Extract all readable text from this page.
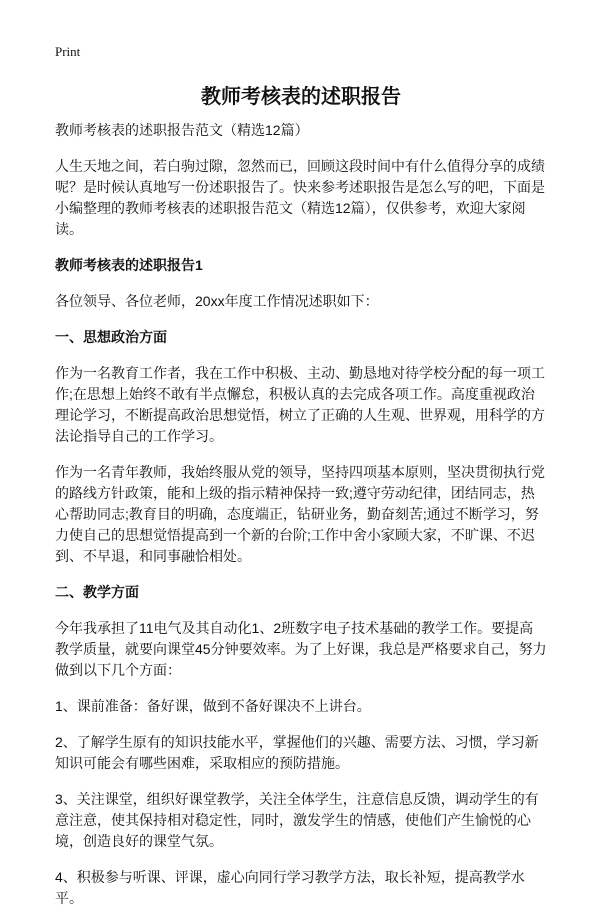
Print
教师考核表的述职报告

教师考核表的述职报告范文（精选12篇）

人生天地之间，若白驹过隙，忽然而已，回顾这段时间中有什么值得分享的成绩呢？是时候认真地写一份述职报告了。快来参考述职报告是怎么写的吧，下面是小编整理的教师考核表的述职报告范文（精选12篇），仅供参考，欢迎大家阅读。

教师考核表的述职报告1

各位领导、各位老师，20xx年度工作情况述职如下：

一、思想政治方面

作为一名教育工作者，我在工作中积极、主动、勤恳地对待学校分配的每一项工作;在思想上始终不敢有半点懈怠，积极认真的去完成各项工作。高度重视政治理论学习，不断提高政治思想觉悟，树立了正确的人生观、世界观，用科学的方法论指导自己的工作学习。

作为一名青年教师，我始终服从党的领导，坚持四项基本原则，坚决贯彻执行党的路线方针政策，能和上级的指示精神保持一致;遵守劳动纪律，团结同志，热心帮助同志;教育目的明确，态度端正，钻研业务，勤奋刻苦;通过不断学习，努力使自己的思想觉悟提高到一个新的台阶;工作中舍小家顾大家，不旷课、不迟到、不早退，和同事融恰相处。

二、教学方面

今年我承担了11电气及其自动化1、2班数字电子技术基础的教学工作。要提高教学质量，就要向课堂45分钟要效率。为了上好课，我总是严格要求自己，努力做到以下几个方面：

1、课前准备：备好课，做到不备好课决不上讲台。

2、了解学生原有的知识技能水平，掌握他们的兴趣、需要方法、习惯，学习新知识可能会有哪些困难，采取相应的预防措施。

3、关注课堂，组织好课堂教学，关注全体学生，注意信息反馈，调动学生的有意注意，使其保持相对稳定性，同时，激发学生的情感，使他们产生愉悦的心境，创造良好的课堂气氛。

4、积极参与听课、评课，虚心向同行学习教学方法，取长补短，提高教学水平。
